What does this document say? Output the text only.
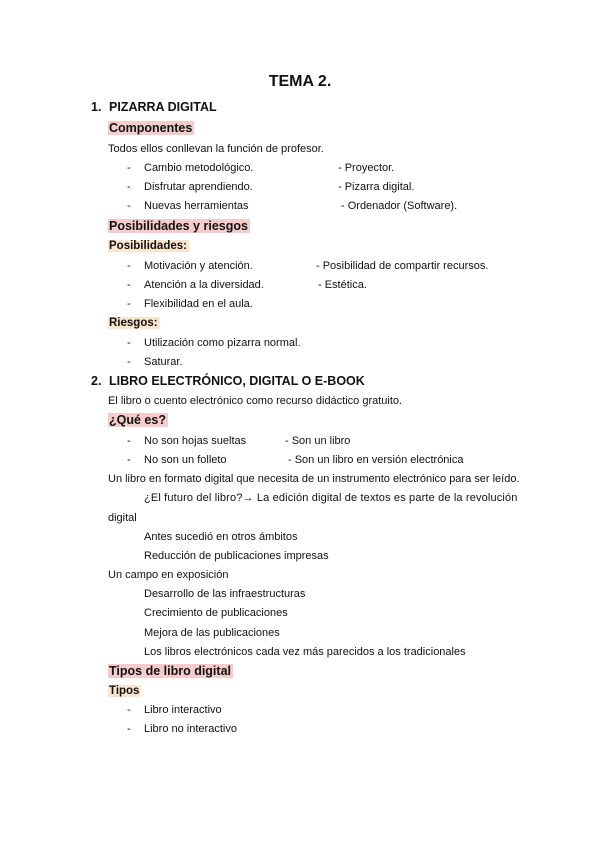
TEMA 2.
1. PIZARRA DIGITAL
Componentes
Todos ellos conllevan la función de profesor.
- Cambio metodológico.	- Proyector.
- Disfrutar aprendiendo.	- Pizarra digital.
- Nuevas herramientas	- Ordenador (Software).
Posibilidades y riesgos
Posibilidades:
- Motivación y atención.	- Posibilidad de compartir recursos.
- Atención a la diversidad.	- Estética.
- Flexibilidad en el aula.
Riesgos:
- Utilización como pizarra normal.
- Saturar.
2. LIBRO ELECTRÓNICO, DIGITAL O E-BOOK
El libro o cuento electrónico como recurso didáctico gratuito.
¿Qué es?
- No son hojas sueltas	- Son un libro
- No son un folleto	- Son un libro en versión electrónica
Un libro en formato digital que necesita de un instrumento electrónico para ser leído.
¿El futuro del libro?→ La edición digital de textos es parte de la revolución
digital
Antes sucedió en otros ámbitos
Reducción de publicaciones impresas
Un campo en exposición
Desarrollo de las infraestructuras
Crecimiento de publicaciones
Mejora de las publicaciones
Los libros electrónicos cada vez más parecidos a los tradicionales
Tipos de libro digital
Tipos
- Libro interactivo
- Libro no interactivo
